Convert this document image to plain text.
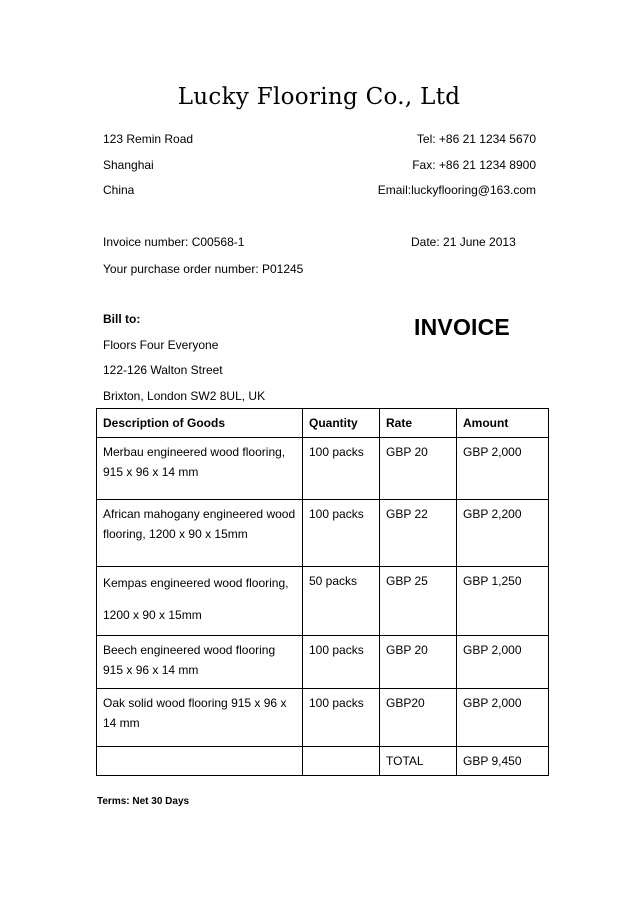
Lucky Flooring Co., Ltd
123 Remin Road
Shanghai
China
Tel: +86 21 1234 5670
Fax: +86 21 1234 8900
Email:luckyflooring@163.com
Invoice number: C00568-1	Date: 21 June 2013
Your purchase order number: P01245
Bill to:
Floors Four Everyone
122-126 Walton Street
Brixton, London SW2 8UL, UK
INVOICE
Description of Goods	Quantity	Rate	Amount
Merbau engineered wood flooring, 915 x 96 x 14 mm	100 packs	GBP 20	GBP 2,000
African mahogany engineered wood flooring, 1200 x 90 x 15mm	100 packs	GBP 22	GBP 2,200

Kempas engineered wood flooring, 1200 x 90 x 15mm	50 packs	GBP 25	GBP 1,250
Beech engineered wood flooring 915 x 96 x 14 mm	100 packs	GBP 20	GBP 2,000
Oak solid wood flooring 915 x 96 x 14 mm	100 packs	GBP20	GBP 2,000
		TOTAL	GBP 9,450
Terms: Net 30 Days
